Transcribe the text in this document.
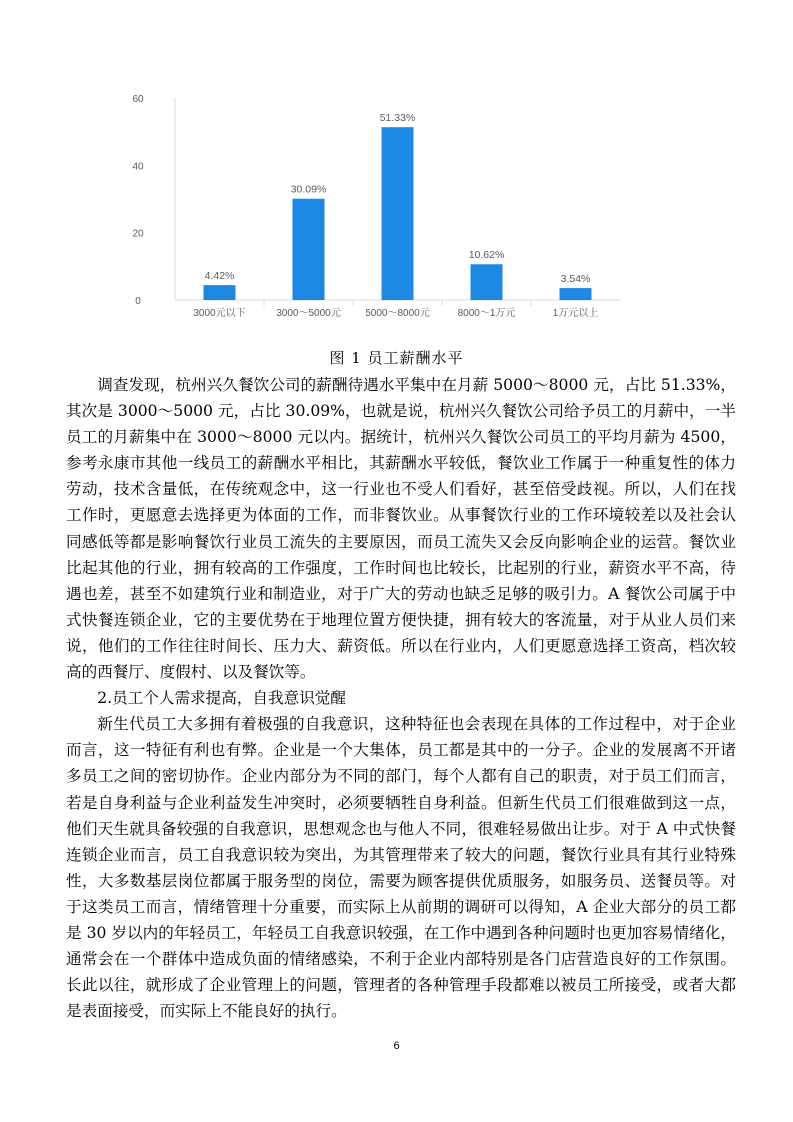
0
20
40
60
4.42%
3000元以下
30.09%
3000～5000元
51.33%
5000～8000元
10.62%
8000～1万元
3.54%
1万元以上
图 1 员工薪酬水平

调查发现，杭州兴久餐饮公司的薪酬待遇水平集中在月薪 5000～8000 元，占比 51.33%，其次是 3000～5000 元，占比 30.09%，也就是说，杭州兴久餐饮公司给予员工的月薪中，一半员工的月薪集中在 3000～8000 元以内。据统计，杭州兴久餐饮公司员工的平均月薪为 4500，参考永康市其他一线员工的薪酬水平相比，其薪酬水平较低，餐饮业工作属于一种重复性的体力劳动，技术含量低，在传统观念中，这一行业也不受人们看好，甚至倍受歧视。所以，人们在找工作时，更愿意去选择更为体面的工作，而非餐饮业。从事餐饮行业的工作环境较差以及社会认同感低等都是影响餐饮行业员工流失的主要原因，而员工流失又会反向影响企业的运营。餐饮业比起其他的行业，拥有较高的工作强度，工作时间也比较长，比起别的行业，薪资水平不高，待遇也差，甚至不如建筑行业和制造业，对于广大的劳动也缺乏足够的吸引力。A 餐饮公司属于中式快餐连锁企业，它的主要优势在于地理位置方便快捷，拥有较大的客流量，对于从业人员们来说，他们的工作往往时间长、压力大、薪资低。所以在行业内，人们更愿意选择工资高，档次较高的西餐厅、度假村、以及餐饮等。

2.员工个人需求提高，自我意识觉醒

新生代员工大多拥有着极强的自我意识，这种特征也会表现在具体的工作过程中，对于企业而言，这一特征有利也有弊。企业是一个大集体，员工都是其中的一分子。企业的发展离不开诸多员工之间的密切协作。企业内部分为不同的部门，每个人都有自己的职责，对于员工们而言，若是自身利益与企业利益发生冲突时，必须要牺牲自身利益。但新生代员工们很难做到这一点，他们天生就具备较强的自我意识，思想观念也与他人不同，很难轻易做出让步。对于 A 中式快餐连锁企业而言，员工自我意识较为突出，为其管理带来了较大的问题，餐饮行业具有其行业特殊性，大多数基层岗位都属于服务型的岗位，需要为顾客提供优质服务，如服务员、送餐员等。对于这类员工而言，情绪管理十分重要，而实际上从前期的调研可以得知，A 企业大部分的员工都是 30 岁以内的年轻员工，年轻员工自我意识较强，在工作中遇到各种问题时也更加容易情绪化，通常会在一个群体中造成负面的情绪感染，不利于企业内部特别是各门店营造良好的工作氛围。长此以往，就形成了企业管理上的问题，管理者的各种管理手段都难以被员工所接受，或者大都是表面接受，而实际上不能良好的执行。

6
